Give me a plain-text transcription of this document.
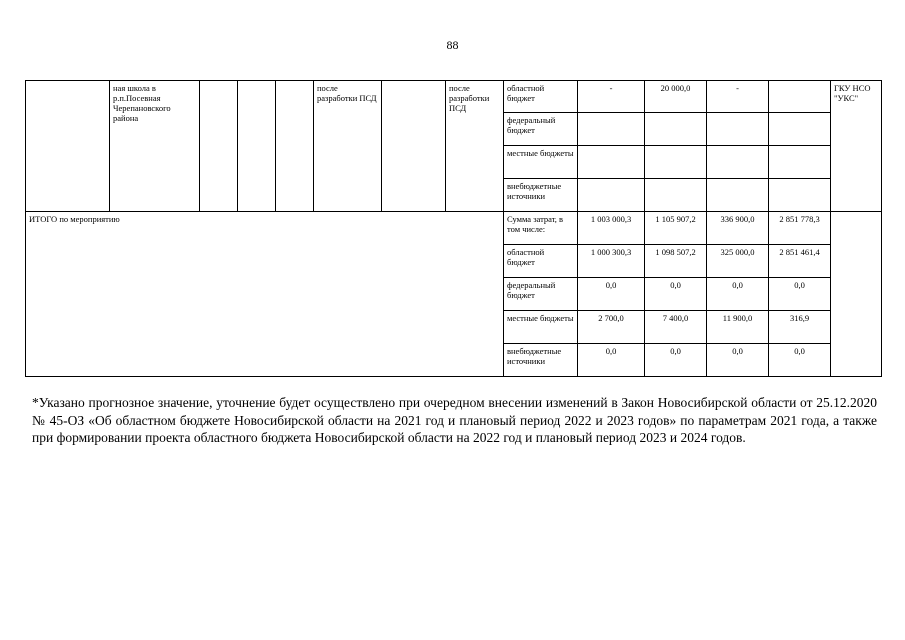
88
	ная школа в р.п.Посевная Черепановского района				после разработки ПСД		после разработки ПСД	областной бюджет	-	20 000,0	-		ГКУ НСО "УКС"
								федеральный бюджет					
								местные бюджеты					
								внебюджетные источники					
ИТОГО по мероприятию								Сумма затрат, в том числе:	1 003 000,3	1 105 907,2	336 900,0	2 851 778,3	
								областной бюджет	1 000 300,3	1 098 507,2	325 000,0	2 851 461,4	
								федеральный бюджет	0,0	0,0	0,0	0,0	
								местные бюджеты	2 700,0	7 400,0	11 900,0	316,9	
								внебюджетные источники	0,0	0,0	0,0	0,0	
*Указано прогнозное значение, уточнение будет осуществлено при очередном внесении изменений в Закон Новосибирской области от 25.12.2020 № 45-ОЗ «Об областном бюджете Новосибирской области на 2021 год и плановый период 2022 и 2023 годов» по параметрам 2021 года, а также при формировании проекта областного бюджета Новосибирской области на 2022 год и плановый период 2023 и 2024 годов.
